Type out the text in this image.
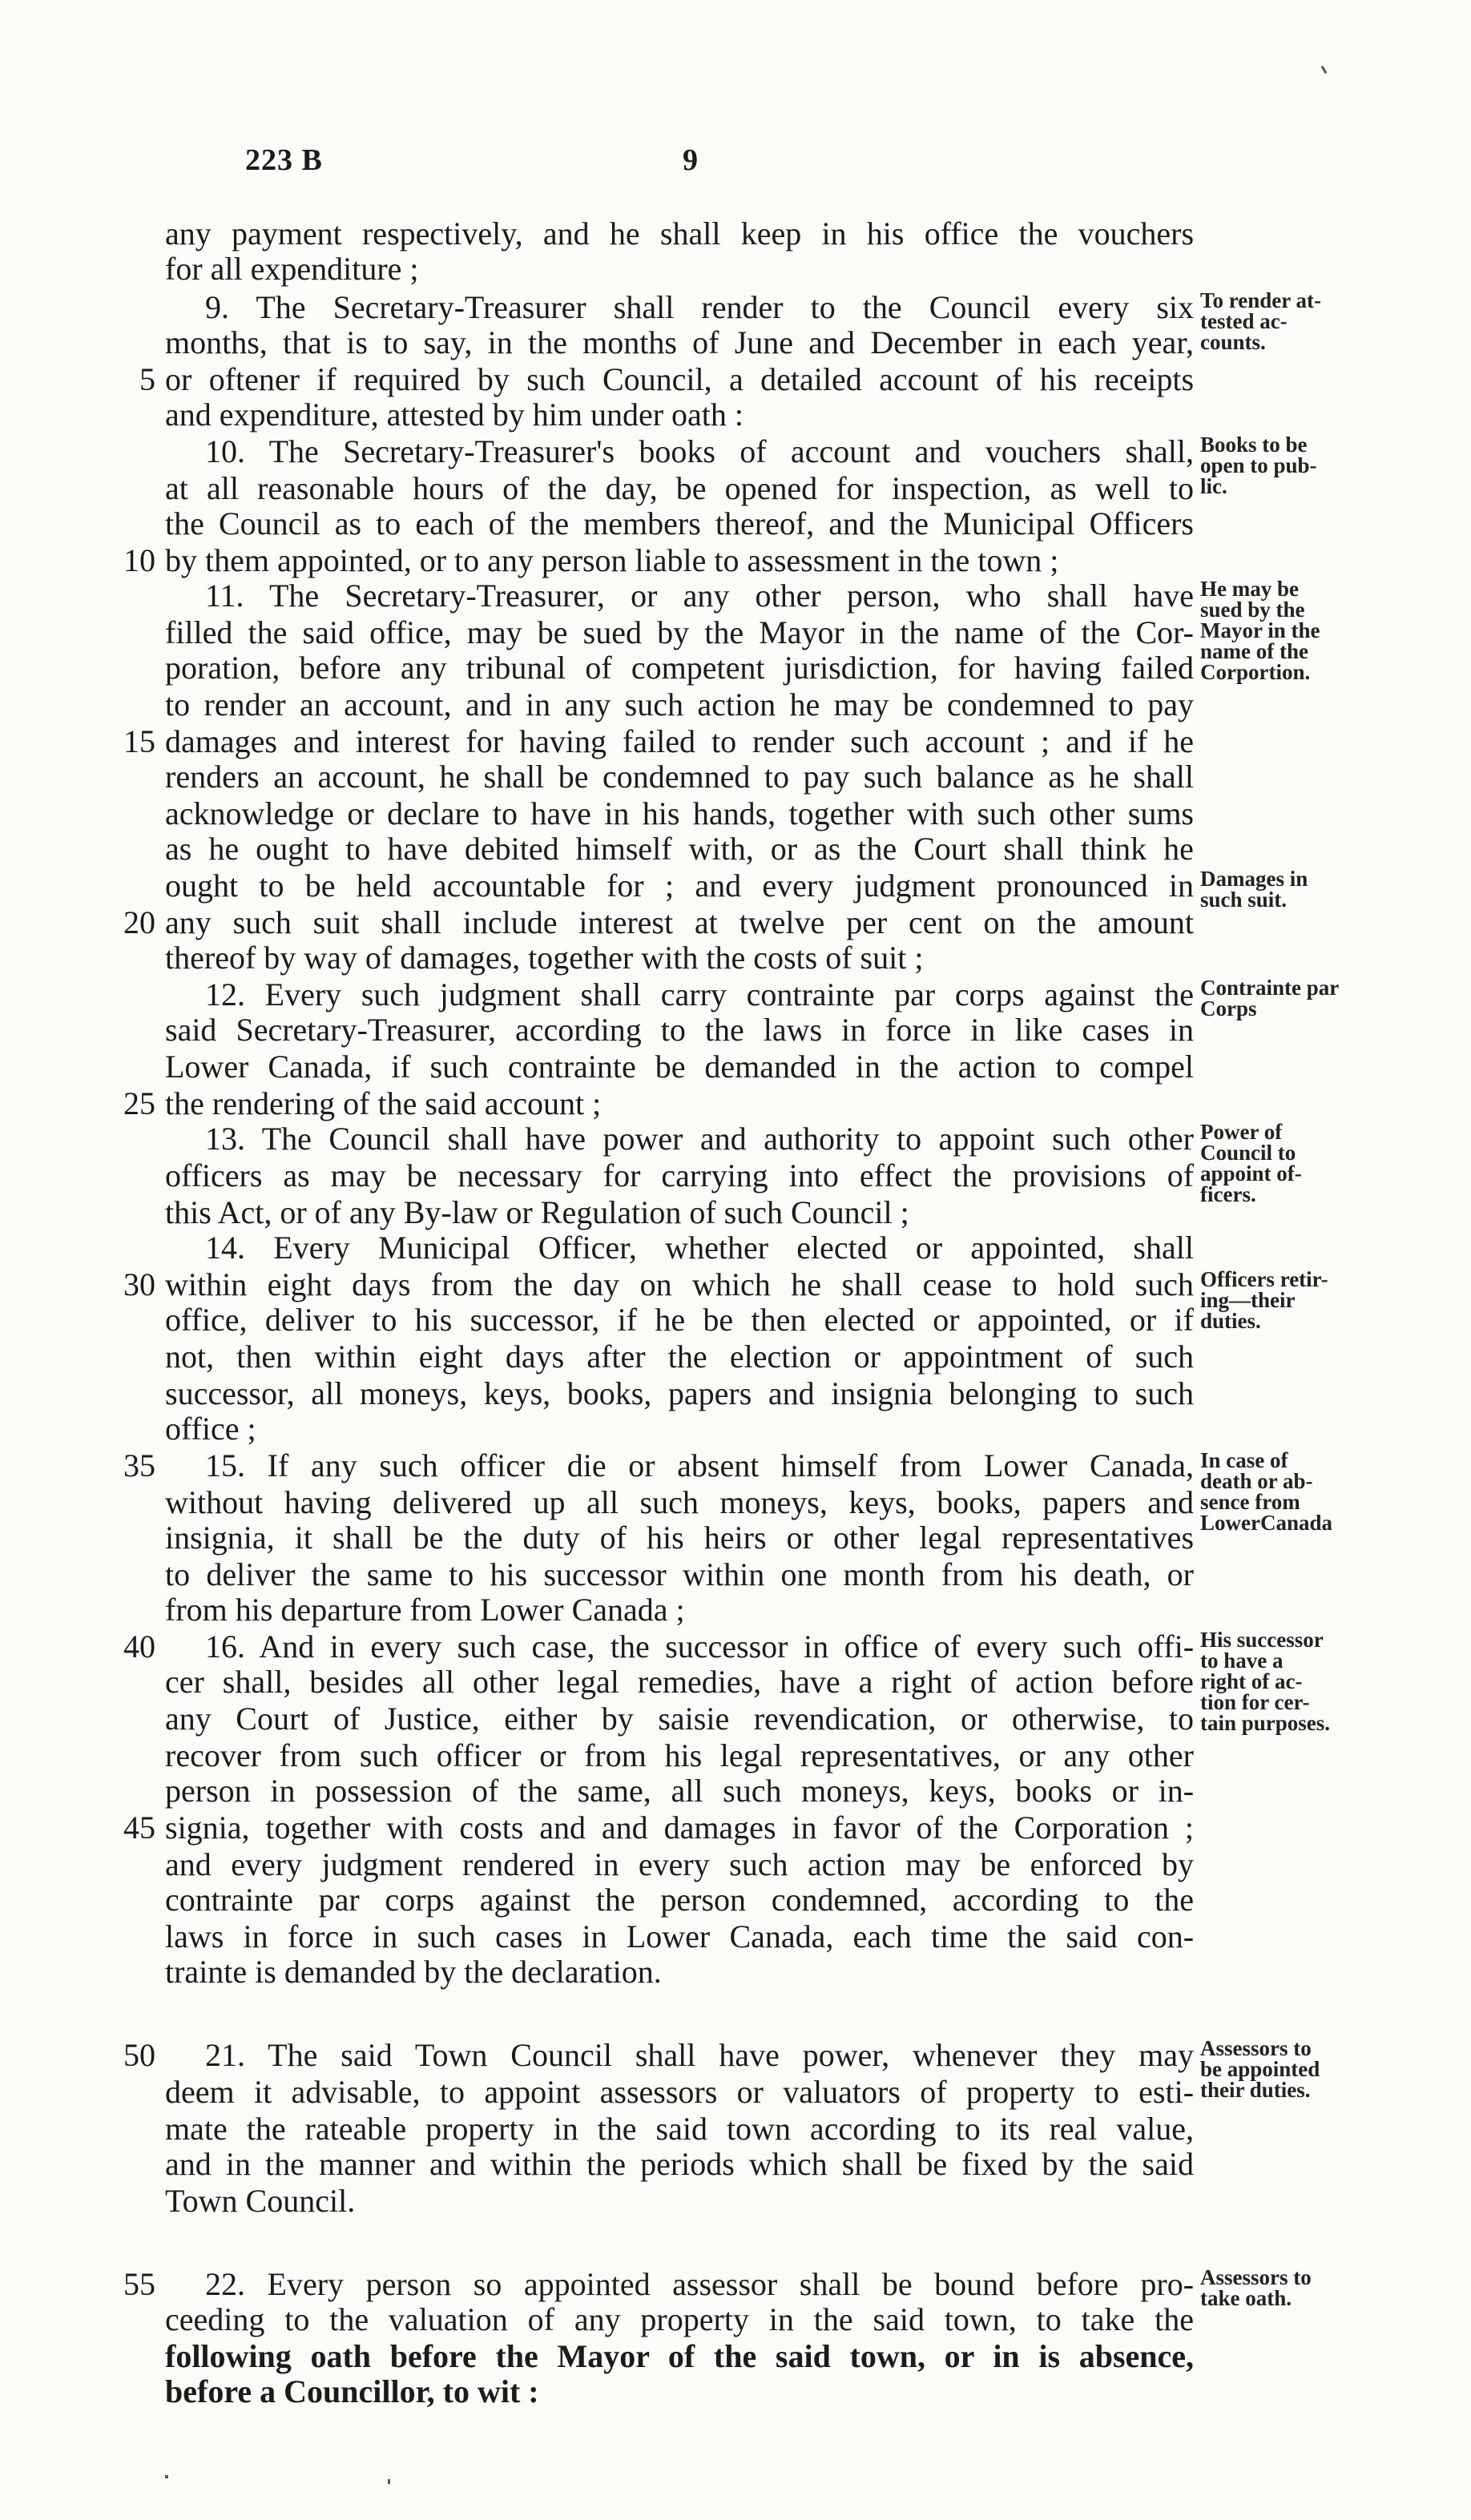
223 B	9
any payment respectively, and he shall keep in his office the vouchers
for all expenditure ;
9. The Secretary-Treasurer shall render to the Council every six
months, that is to say, in the months of June and December in each year,
5 or oftener if required by such Council, a detailed account of his receipts
and expenditure, attested by him under oath :
10. The Secretary-Treasurer's books of account and vouchers shall,
at all reasonable hours of the day, be opened for inspection, as well to
the Council as to each of the members thereof, and the Municipal Officers
10 by them appointed, or to any person liable to assessment in the town ;
11. The Secretary-Treasurer, or any other person, who shall have
filled the said office, may be sued by the Mayor in the name of the Cor-
poration, before any tribunal of competent jurisdiction, for having failed
to render an account, and in any such action he may be condemned to pay
15 damages and interest for having failed to render such account ; and if he
renders an account, he shall be condemned to pay such balance as he shall
acknowledge or declare to have in his hands, together with such other sums
as he ought to have debited himself with, or as the Court shall think he
ought to be held accountable for ; and every judgment pronounced in
20 any such suit shall include interest at twelve per cent on the amount
thereof by way of damages, together with the costs of suit ;
12. Every such judgment shall carry contrainte par corps against the
said Secretary-Treasurer, according to the laws in force in like cases in
Lower Canada, if such contrainte be demanded in the action to compel
25 the rendering of the said account ;
13. The Council shall have power and authority to appoint such other
officers as may be necessary for carrying into effect the provisions of
this Act, or of any By-law or Regulation of such Council ;
14. Every Municipal Officer, whether elected or appointed, shall
30 within eight days from the day on which he shall cease to hold such
office, deliver to his successor, if he be then elected or appointed, or if
not, then within eight days after the election or appointment of such
successor, all moneys, keys, books, papers and insignia belonging to such
office ;
35 15. If any such officer die or absent himself from Lower Canada,
without having delivered up all such moneys, keys, books, papers and
insignia, it shall be the duty of his heirs or other legal representatives
to deliver the same to his successor within one month from his death, or
from his departure from Lower Canada ;
40 16. And in every such case, the successor in office of every such offi-
cer shall, besides all other legal remedies, have a right of action before
any Court of Justice, either by saisie revendication, or otherwise, to
recover from such officer or from his legal representatives, or any other
person in possession of the same, all such moneys, keys, books or in-
45 signia, together with costs and and damages in favor of the Corporation ;
and every judgment rendered in every such action may be enforced by
contrainte par corps against the person condemned, according to the
laws in force in such cases in Lower Canada, each time the said con-
trainte is demanded by the declaration.
50 21. The said Town Council shall have power, whenever they may
deem it advisable, to appoint assessors or valuators of property to esti-
mate the rateable property in the said town according to its real value,
and in the manner and within the periods which shall be fixed by the said
Town Council.
55 22. Every person so appointed assessor shall be bound before pro-
ceeding to the valuation of any property in the said town, to take the
following oath before the Mayor of the said town, or in is absence,
before a Councillor, to wit :
To render at-
tested ac-
counts.
Books to be
open to pub-
lic.
He may be
sued by the
Mayor in the
name of the
Corportion.
Damages in
such suit.
Contrainte par
Corps
Power of
Council to
appoint of-
ficers.
Officers retir-
ing—their
duties.
In case of
death or ab-
sence from
LowerCanada
His successor
to have a
right of ac-
tion for cer-
tain purposes.
Assessors to
be appointed
their duties.
Assessors to
take oath.
